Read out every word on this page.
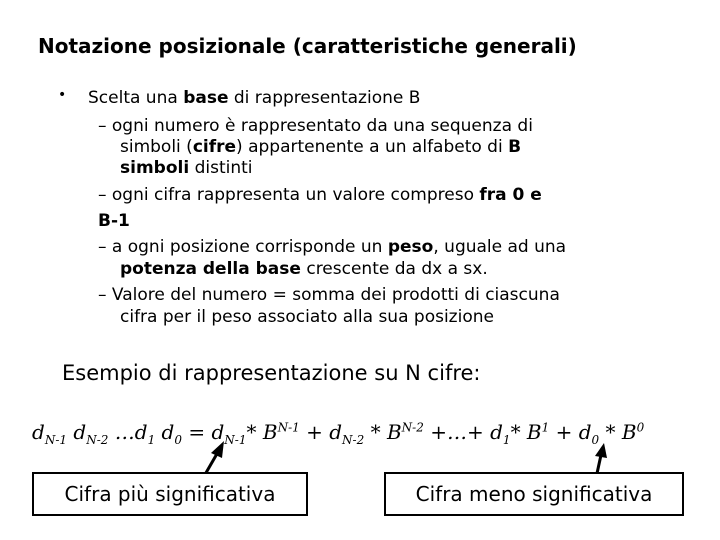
Notazione posizionale (caratteristiche generali)
• Scelta una base di rappresentazione B
– ogni numero è rappresentato da una sequenza di
simboli (cifre) appartenente a un alfabeto di B
simboli distinti
– ogni cifra rappresenta un valore compreso fra 0 e
B-1
– a ogni posizione corrisponde un peso, uguale ad una
potenza della base crescente da dx a sx.
– Valore del numero = somma dei prodotti di ciascuna
cifra per il peso associato alla sua posizione
Esempio di rappresentazione su N cifre:
$d_{N-1}$ $d_{N-2}$ $\dots d_1$ $d_0 = d_{N-1}*$ $B^{N-1} + d_{N-2} * B^{N-2}$ +…+ $d_1*$ $B^1 + d_0 * B^0$
Cifra più significativa	Cifra meno significativa
